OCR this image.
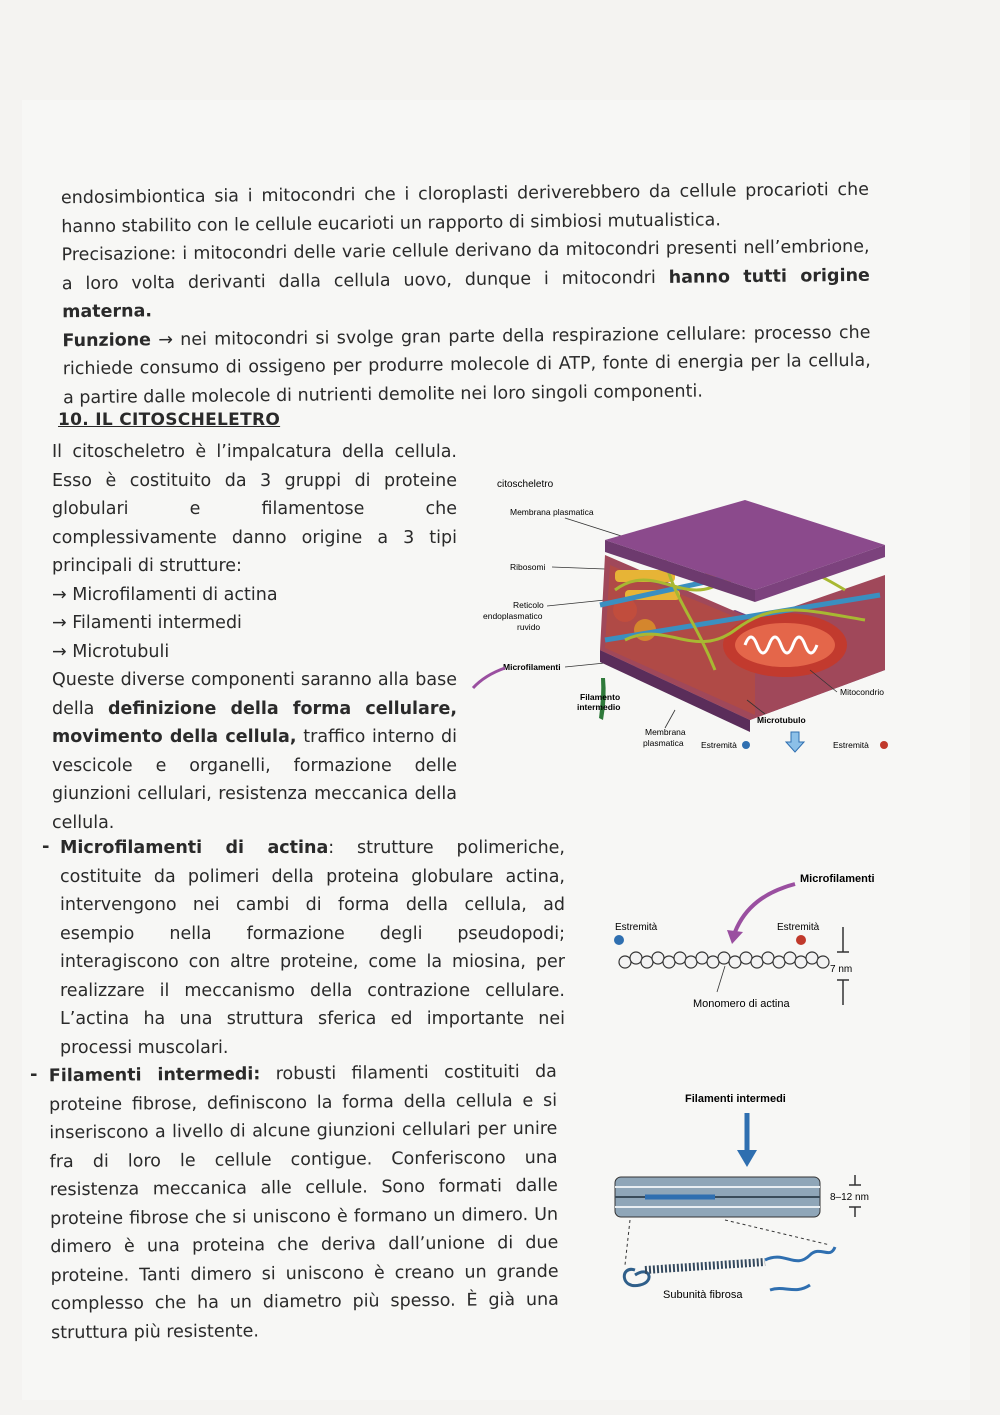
endosimbiontica sia i mitocondri che i cloroplasti deriverebbero da cellule procarioti che hanno stabilito con le cellule eucarioti un rapporto di simbiosi mutualistica.

Precisazione: i mitocondri delle varie cellule derivano da mitocondri presenti nell’embrione, a loro volta derivanti dalla cellula uovo, dunque i mitocondri hanno tutti origine materna.

Funzione → nei mitocondri si svolge gran parte della respirazione cellulare: processo che richiede consumo di ossigeno per produrre molecole di ATP, fonte di energia per la cellula, a partire dalle molecole di nutrienti demolite nei loro singoli componenti.

10. IL CITOSCHELETRO

Il citoscheletro è l’impalcatura della cellula. Esso è costituito da 3 gruppi di proteine globulari e filamentose che complessivamente danno origine a 3 tipi principali di strutture:

→ Microfilamenti di actina
→ Filamenti intermedi
→ Microtubuli

Queste diverse componenti saranno alla base della definizione della forma cellulare, movimento della cellula, traffico interno di vescicole e organelli, formazione delle giunzioni cellulari, resistenza meccanica della cellula.

- Microfilamenti di actina: strutture polimeriche, costituite da polimeri della proteina globulare actina, intervengono nei cambi di forma della cellula, ad esempio nella formazione degli pseudopodi; interagiscono con altre proteine, come la miosina, per realizzare il meccanismo della contrazione cellulare. L’actina ha una struttura sferica ed importante nei processi muscolari.
- Filamenti intermedi: robusti filamenti costituiti da proteine fibrose, definiscono la forma della cellula e si inseriscono a livello di alcune giunzioni cellulari per unire fra di loro le cellule contigue. Conferiscono una resistenza meccanica alle cellule. Sono formati dalle proteine fibrose che si uniscono è formano un dimero. Un dimero è una proteina che deriva dall’unione di due proteine. Tanti dimero si uniscono è creano un grande complesso che ha un diametro più spesso. È già una struttura più resistente.
citoscheletro
Membrana plasmatica
Ribosomi
Reticolo
endoplasmatico
ruvido
Microfilamenti
Filamento
intermedio
Mitocondrio
Microtubulo
Membrana
plasmatica Estremità	Estremità
Microfilamenti
Estremità	Estremità
7 nm
Monomero di actina
Filamenti intermedi
8–12 nm
Subunità fibrosa
